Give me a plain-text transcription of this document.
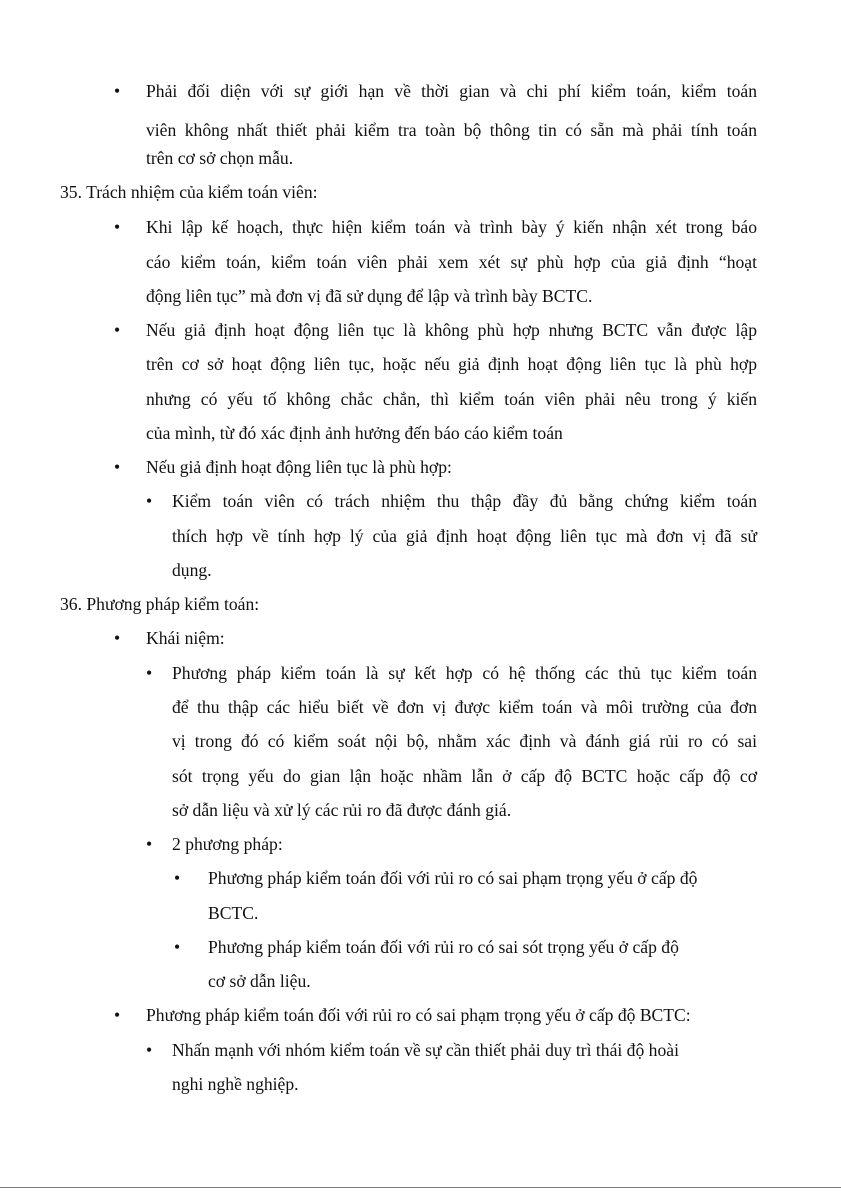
• Phải đối diện với sự giới hạn về thời gian và chi phí kiểm toán, kiểm toán
viên không nhất thiết phải kiểm tra toàn bộ thông tin có sẵn mà phải tính toán
trên cơ sở chọn mẫu.
35. Trách nhiệm của kiểm toán viên:
• Khi lập kế hoạch, thực hiện kiểm toán và trình bày ý kiến nhận xét trong báo
cáo kiểm toán, kiểm toán viên phải xem xét sự phù hợp của giả định “hoạt
động liên tục” mà đơn vị đã sử dụng để lập và trình bày BCTC.
• Nếu giả định hoạt động liên tục là không phù hợp nhưng BCTC vẫn được lập
trên cơ sở hoạt động liên tục, hoặc nếu giả định hoạt động liên tục là phù hợp
nhưng có yếu tố không chắc chắn, thì kiểm toán viên phải nêu trong ý kiến
của mình, từ đó xác định ảnh hưởng đến báo cáo kiểm toán
• Nếu giả định hoạt động liên tục là phù hợp:
• Kiểm toán viên có trách nhiệm thu thập đầy đủ bằng chứng kiểm toán
thích hợp về tính hợp lý của giả định hoạt động liên tục mà đơn vị đã sử
dụng.
36. Phương pháp kiểm toán:
• Khái niệm:
• Phương pháp kiểm toán là sự kết hợp có hệ thống các thủ tục kiểm toán
để thu thập các hiểu biết về đơn vị được kiểm toán và môi trường của đơn
vị trong đó có kiểm soát nội bộ, nhằm xác định và đánh giá rủi ro có sai
sót trọng yếu do gian lận hoặc nhầm lẫn ở cấp độ BCTC hoặc cấp độ cơ
sở dẫn liệu và xử lý các rủi ro đã được đánh giá.
• 2 phương pháp:
• Phương pháp kiểm toán đối với rủi ro có sai phạm trọng yếu ở cấp độ
BCTC.
• Phương pháp kiểm toán đối với rủi ro có sai sót trọng yếu ở cấp độ
cơ sở dẫn liệu.
• Phương pháp kiểm toán đối với rủi ro có sai phạm trọng yếu ở cấp độ BCTC:
• Nhấn mạnh với nhóm kiểm toán về sự cần thiết phải duy trì thái độ hoài
nghi nghề nghiệp.
